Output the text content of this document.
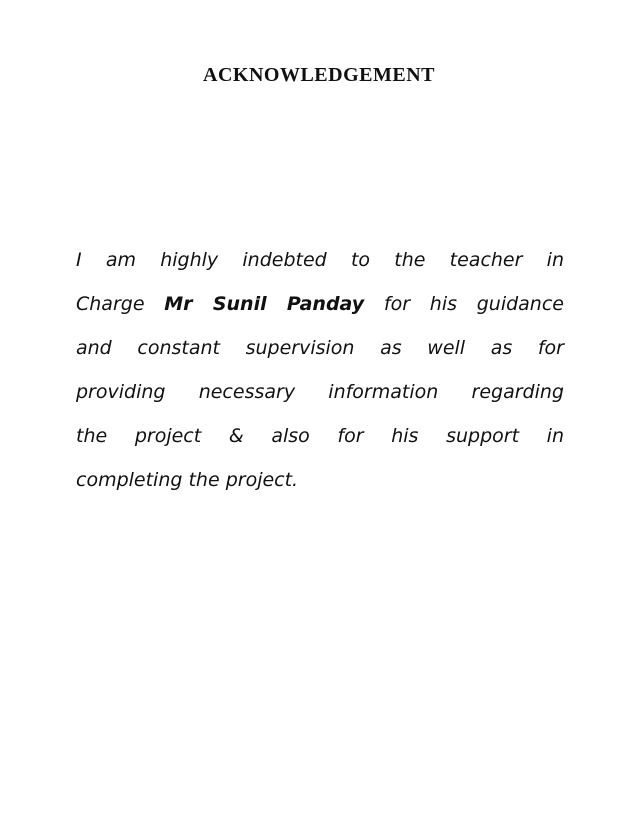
ACKNOWLEDGEMENT
I am highly indebted to the teacher in
Charge Mr Sunil Panday for his guidance
and constant supervision as well as for
providing necessary information regarding
the project & also for his support in
completing the project.
